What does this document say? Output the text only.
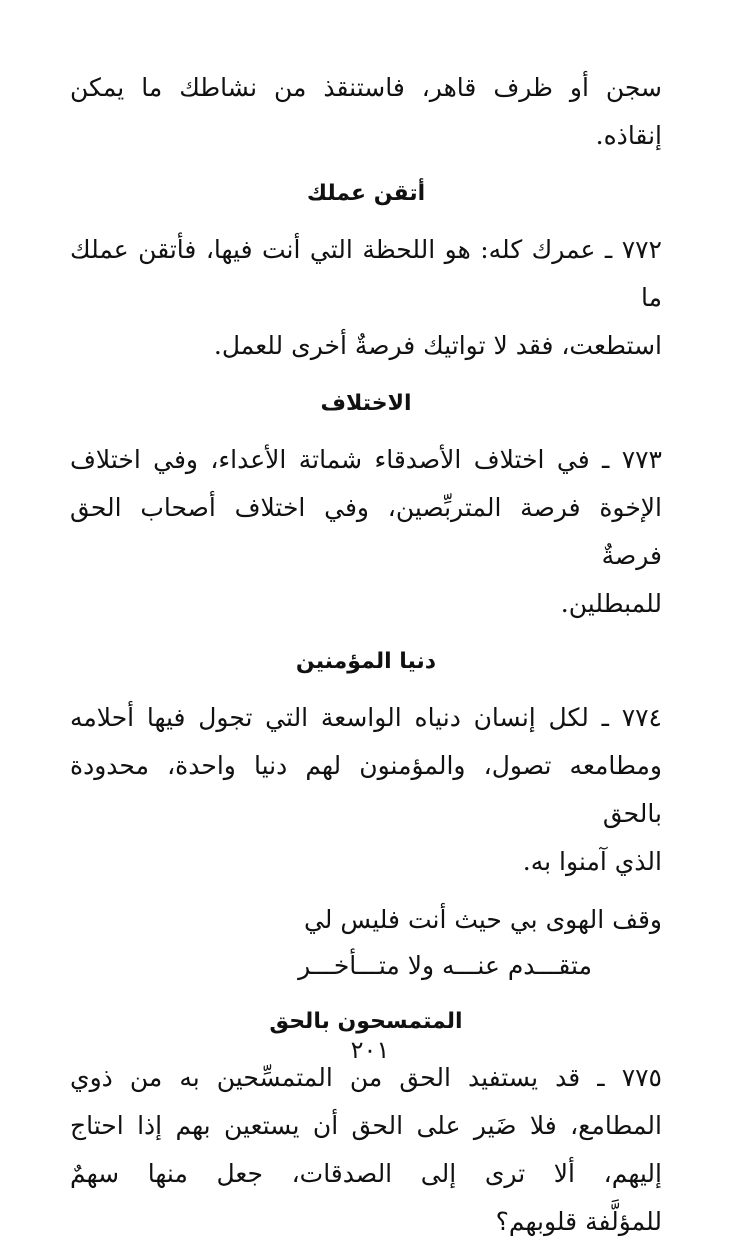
سجن أو ظرف قاهر، فاستنقذ من نشاطك ما يمكن
إنقاذه.

أتقن عملك

٧٧٢ ـ عمرك كله: هو اللحظة التي أنت فيها، فأتقن عملك ما
استطعت، فقد لا تواتيك فرصةٌ أخرى للعمل.

الاختلاف

٧٧٣ ـ في اختلاف الأصدقاء شماتة الأعداء، وفي اختلاف
الإخوة فرصة المتربِّصين، وفي اختلاف أصحاب الحق فرصةٌ
للمبطلين.

دنيا المؤمنين

٧٧٤ ـ لكل إنسان دنياه الواسعة التي تجول فيها أحلامه
ومطامعه تصول، والمؤمنون لهم دنيا واحدة، محدودة بالحق
الذي آمنوا به.

وقف الهوى بي حيث أنت فليس لي
متقـــدم عنـــه ولا متـــأخـــر
المتمسحون بالحق

٧٧٥ ـ قد يستفيد الحق من المتمسِّحين به من ذوي
المطامع، فلا ضَير على الحق أن يستعين بهم إذا احتاج
إليهم، ألا ترى إلى الصدقات، جعل منها سهمٌ
للمؤلَّفة قلوبهم؟

٢٠١
